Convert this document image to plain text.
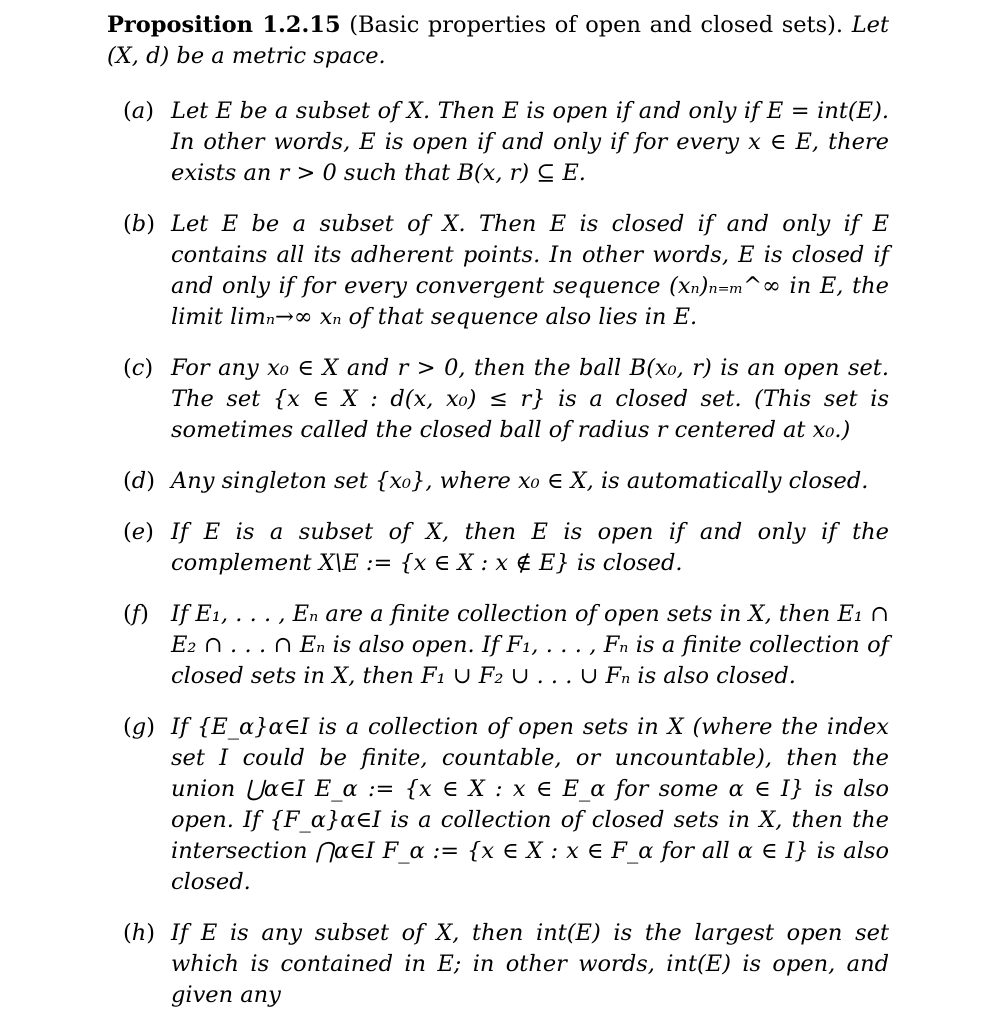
Proposition 1.2.15 (Basic properties of open and closed sets). Let (X, d) be a metric space.

(a) Let E be a subset of X. Then E is open if and only if E = int(E). In other words, E is open if and only if for every x ∈ E, there exists an r > 0 such that B(x, r) ⊆ E.
(b) Let E be a subset of X. Then E is closed if and only if E contains all its adherent points. In other words, E is closed if and only if for every convergent sequence (xₙ)ₙ₌ₘ^∞ in E, the limit limₙ→∞ xₙ of that sequence also lies in E.
(c) For any x₀ ∈ X and r > 0, then the ball B(x₀, r) is an open set. The set {x ∈ X : d(x, x₀) ≤ r} is a closed set. (This set is sometimes called the closed ball of radius r centered at x₀.)
(d) Any singleton set {x₀}, where x₀ ∈ X, is automatically closed.
(e) If E is a subset of X, then E is open if and only if the complement X\E := {x ∈ X : x ∉ E} is closed.
(f) If E₁, . . . , Eₙ are a finite collection of open sets in X, then E₁ ∩ E₂ ∩ . . . ∩ Eₙ is also open. If F₁, . . . , Fₙ is a finite collection of closed sets in X, then F₁ ∪ F₂ ∪ . . . ∪ Fₙ is also closed.
(g) If {E_α}α∈I is a collection of open sets in X (where the index set I could be finite, countable, or uncountable), then the union ⋃α∈I E_α := {x ∈ X : x ∈ E_α for some α ∈ I} is also open. If {F_α}α∈I is a collection of closed sets in X, then the intersection ⋂α∈I F_α := {x ∈ X : x ∈ F_α for all α ∈ I} is also closed.
(h) If E is any subset of X, then int(E) is the largest open set which is contained in E; in other words, int(E) is open, and given any
